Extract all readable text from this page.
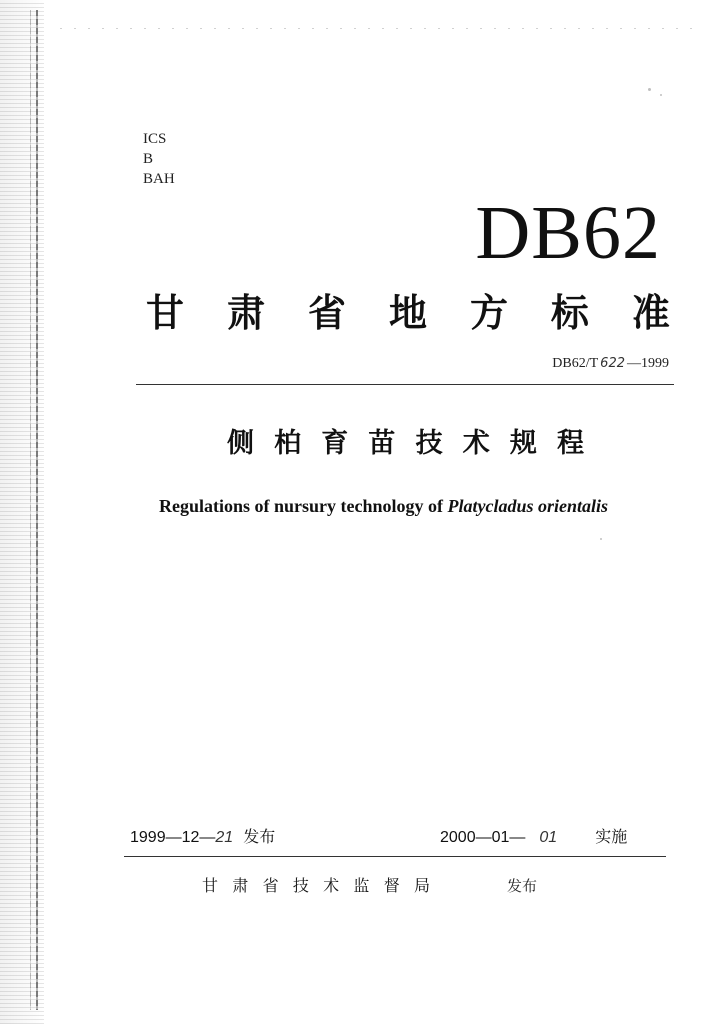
ICS
B
BAH
DB62
甘 肃 省 地 方 标 准
DB62/T 622 —1999
侧 柏 育 苗 技 术 规 程
Regulations of nursury technology of Platycladus orientalis
1999—12—21 发布	2000—01— 01 实施
甘 肃 省 技 术 监 督 局	发布
